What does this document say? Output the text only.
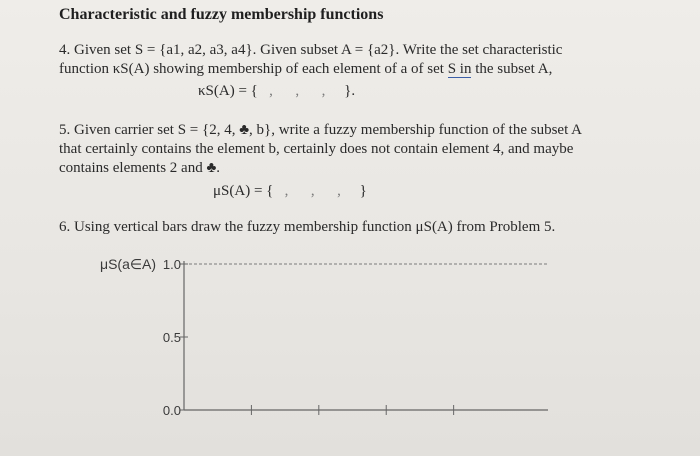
Characteristic and fuzzy membership functions
4. Given set S = {a1, a2, a3, a4}. Given subset A = {a2}. Write the set characteristic
function κS(A) showing membership of each element of a of set S in the subset A,
κS(A) = {   ,      ,      ,     }.
5. Given carrier set S = {2, 4, ♣, b}, write a fuzzy membership function of the subset A
that certainly contains the element b, certainly does not contain element 4, and maybe
contains elements 2 and ♣.
μS(A) = {   ,      ,      ,     }
6. Using vertical bars draw the fuzzy membership function μS(A) from Problem 5.
1.0
0.5
0.0
μS(a∈A)
